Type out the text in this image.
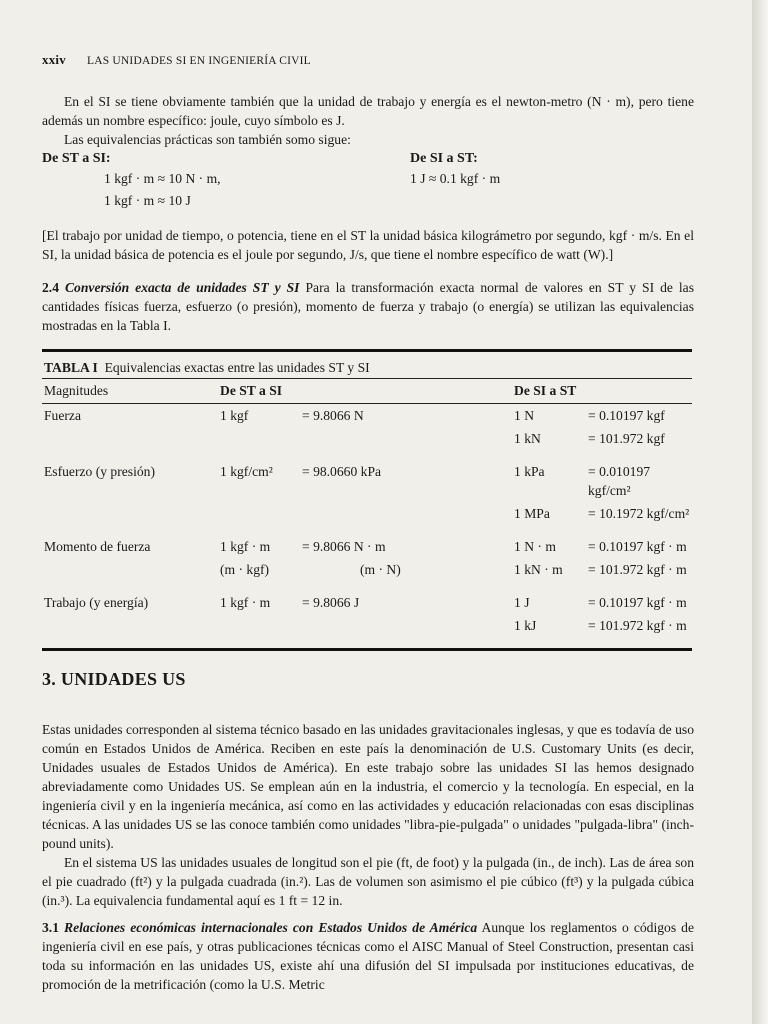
xxiv LAS UNIDADES SI EN INGENIERÍA CIVIL

En el SI se tiene obviamente también que la unidad de trabajo y energía es el newton-metro (N · m), pero tiene además un nombre específico: joule, cuyo símbolo es J.

Las equivalencias prácticas son también somo sigue:

De ST a SI:
1 kgf · m ≈ 10 N · m,
1 kgf · m ≈ 10 J
De SI a ST:
1 J ≈ 0.1 kgf · m

[El trabajo por unidad de tiempo, o potencia, tiene en el ST la unidad básica kilográmetro por segundo, kgf · m/s. En el SI, la unidad básica de potencia es el joule por segundo, J/s, que tiene el nombre específico de watt (W).]

2.4 Conversión exacta de unidades ST y SI Para la transformación exacta normal de valores en ST y SI de las cantidades físicas fuerza, esfuerzo (o presión), momento de fuerza y trabajo (o energía) se utilizan las equivalencias mostradas en la Tabla I.

TABLA I Equivalencias exactas entre las unidades ST y SI				
Magnitudes	De ST a SI		De SI a ST	
Fuerza	1 kgf	= 9.8066 N	1 N	= 0.10197 kgf
			1 kN	= 101.972 kgf

Esfuerzo (y presión)	1 kgf/cm²	= 98.0660 kPa	1 kPa	= 0.010197 kgf/cm²
			1 MPa	= 10.1972 kgf/cm²

Momento de fuerza	1 kgf · m	= 9.8066 N · m	1 N · m	= 0.10197 kgf · m
	(m · kgf)	(m · N)	1 kN · m	= 101.972 kgf · m

Trabajo (y energía)	1 kgf · m	= 9.8066 J	1 J	= 0.10197 kgf · m
			1 kJ	= 101.972 kgf · m

3. UNIDADES US

Estas unidades corresponden al sistema técnico basado en las unidades gravitacionales inglesas, y que es todavía de uso común en Estados Unidos de América. Reciben en este país la denominación de U.S. Customary Units (es decir, Unidades usuales de Estados Unidos de América). En este trabajo sobre las unidades SI las hemos designado abreviadamente como Unidades US. Se emplean aún en la industria, el comercio y la tecnología. En especial, en la ingeniería civil y en la ingeniería mecánica, así como en las actividades y educación relacionadas con esas disciplinas técnicas. A las unidades US se las conoce también como unidades "libra-pie-pulgada" o unidades "pulgada-libra" (inch-pound units).

En el sistema US las unidades usuales de longitud son el pie (ft, de foot) y la pulgada (in., de inch). Las de área son el pie cuadrado (ft²) y la pulgada cuadrada (in.²). Las de volumen son asimismo el pie cúbico (ft³) y la pulgada cúbica (in.³). La equivalencia fundamental aquí es 1 ft = 12 in.

3.1 Relaciones económicas internacionales con Estados Unidos de América Aunque los reglamentos o códigos de ingeniería civil en ese país, y otras publicaciones técnicas como el AISC Manual of Steel Construction, presentan casi toda su información en las unidades US, existe ahí una difusión del SI impulsada por instituciones educativas, de promoción de la metrificación (como la U.S. Metric
